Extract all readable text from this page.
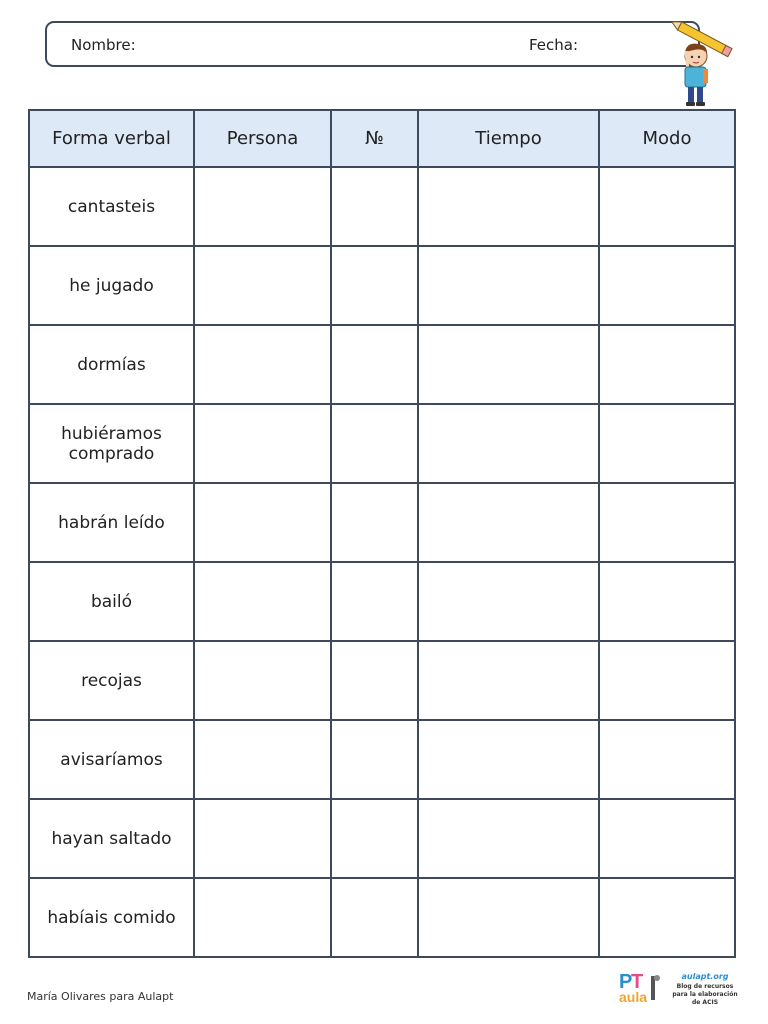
Nombre:	Fecha:
Forma verbal	Persona	№	Tiempo	Modo
cantasteis				
he jugado				
dormías				
hubiéramos comprado				
habrán leído				
bailó				
recojas				
avisaríamos				
hayan saltado				
habíais comido				
María Olivares para Aulapt
P
T
aula
aulapt.org
Blog de recursos para la elaboración de ACIS
